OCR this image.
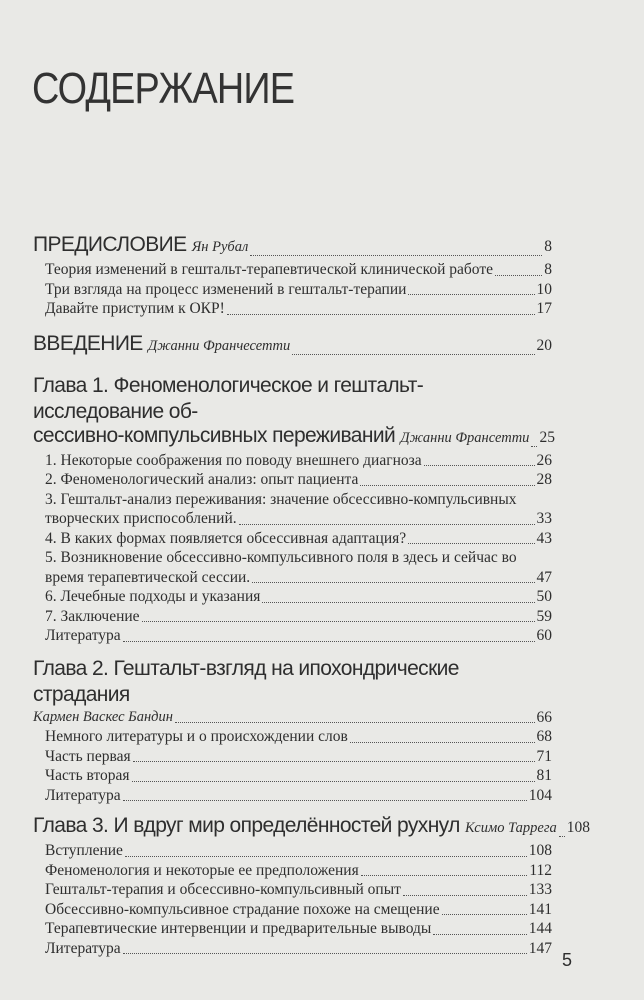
СОДЕРЖАНИЕ
ПРЕДИСЛОВИЕ Ян Рубал	8
Теория изменений в гештальт-терапевтической клинической работе	8
Три взгляда на процесс изменений в гештальт-терапии	10
Давайте приступим к ОКР!	17
ВВЕДЕНИЕ Джанни Франчесетти	20
Глава 1. Феноменологическое и гештальт-исследование об-
сессивно-компульсивных переживаний Джанни Франсетти 25
1. Некоторые соображения по поводу внешнего диагноза	26
2. Феноменологический анализ: опыт пациента	28
3. Гештальт-анализ переживания: значение обсессивно-компульсивных
творческих приспособлений.	33
4. В каких формах появляется обсессивная адаптация?	43
5. Возникновение обсессивно-компульсивного поля в здесь и сейчас во
время терапевтической сессии.	47
6. Лечебные подходы и указания	50
7. Заключение	59
Литература	60
Глава 2. Гештальт-взгляд на ипохондрические страдания
Кармен Васкес Бандин	66
Немного литературы и о происхождении слов	68
Часть первая	71
Часть вторая	81
Литература	104
Глава 3. И вдруг мир определённостей рухнул Ксимо Таррега 108
Вступление	108
Феноменология и некоторые ее предположения	112
Гештальт-терапия и обсессивно-компульсивный опыт	133
Обсессивно-компульсивное страдание похоже на смещение	141
Терапевтические интервенции и предварительные выводы	144
Литература	147
5
